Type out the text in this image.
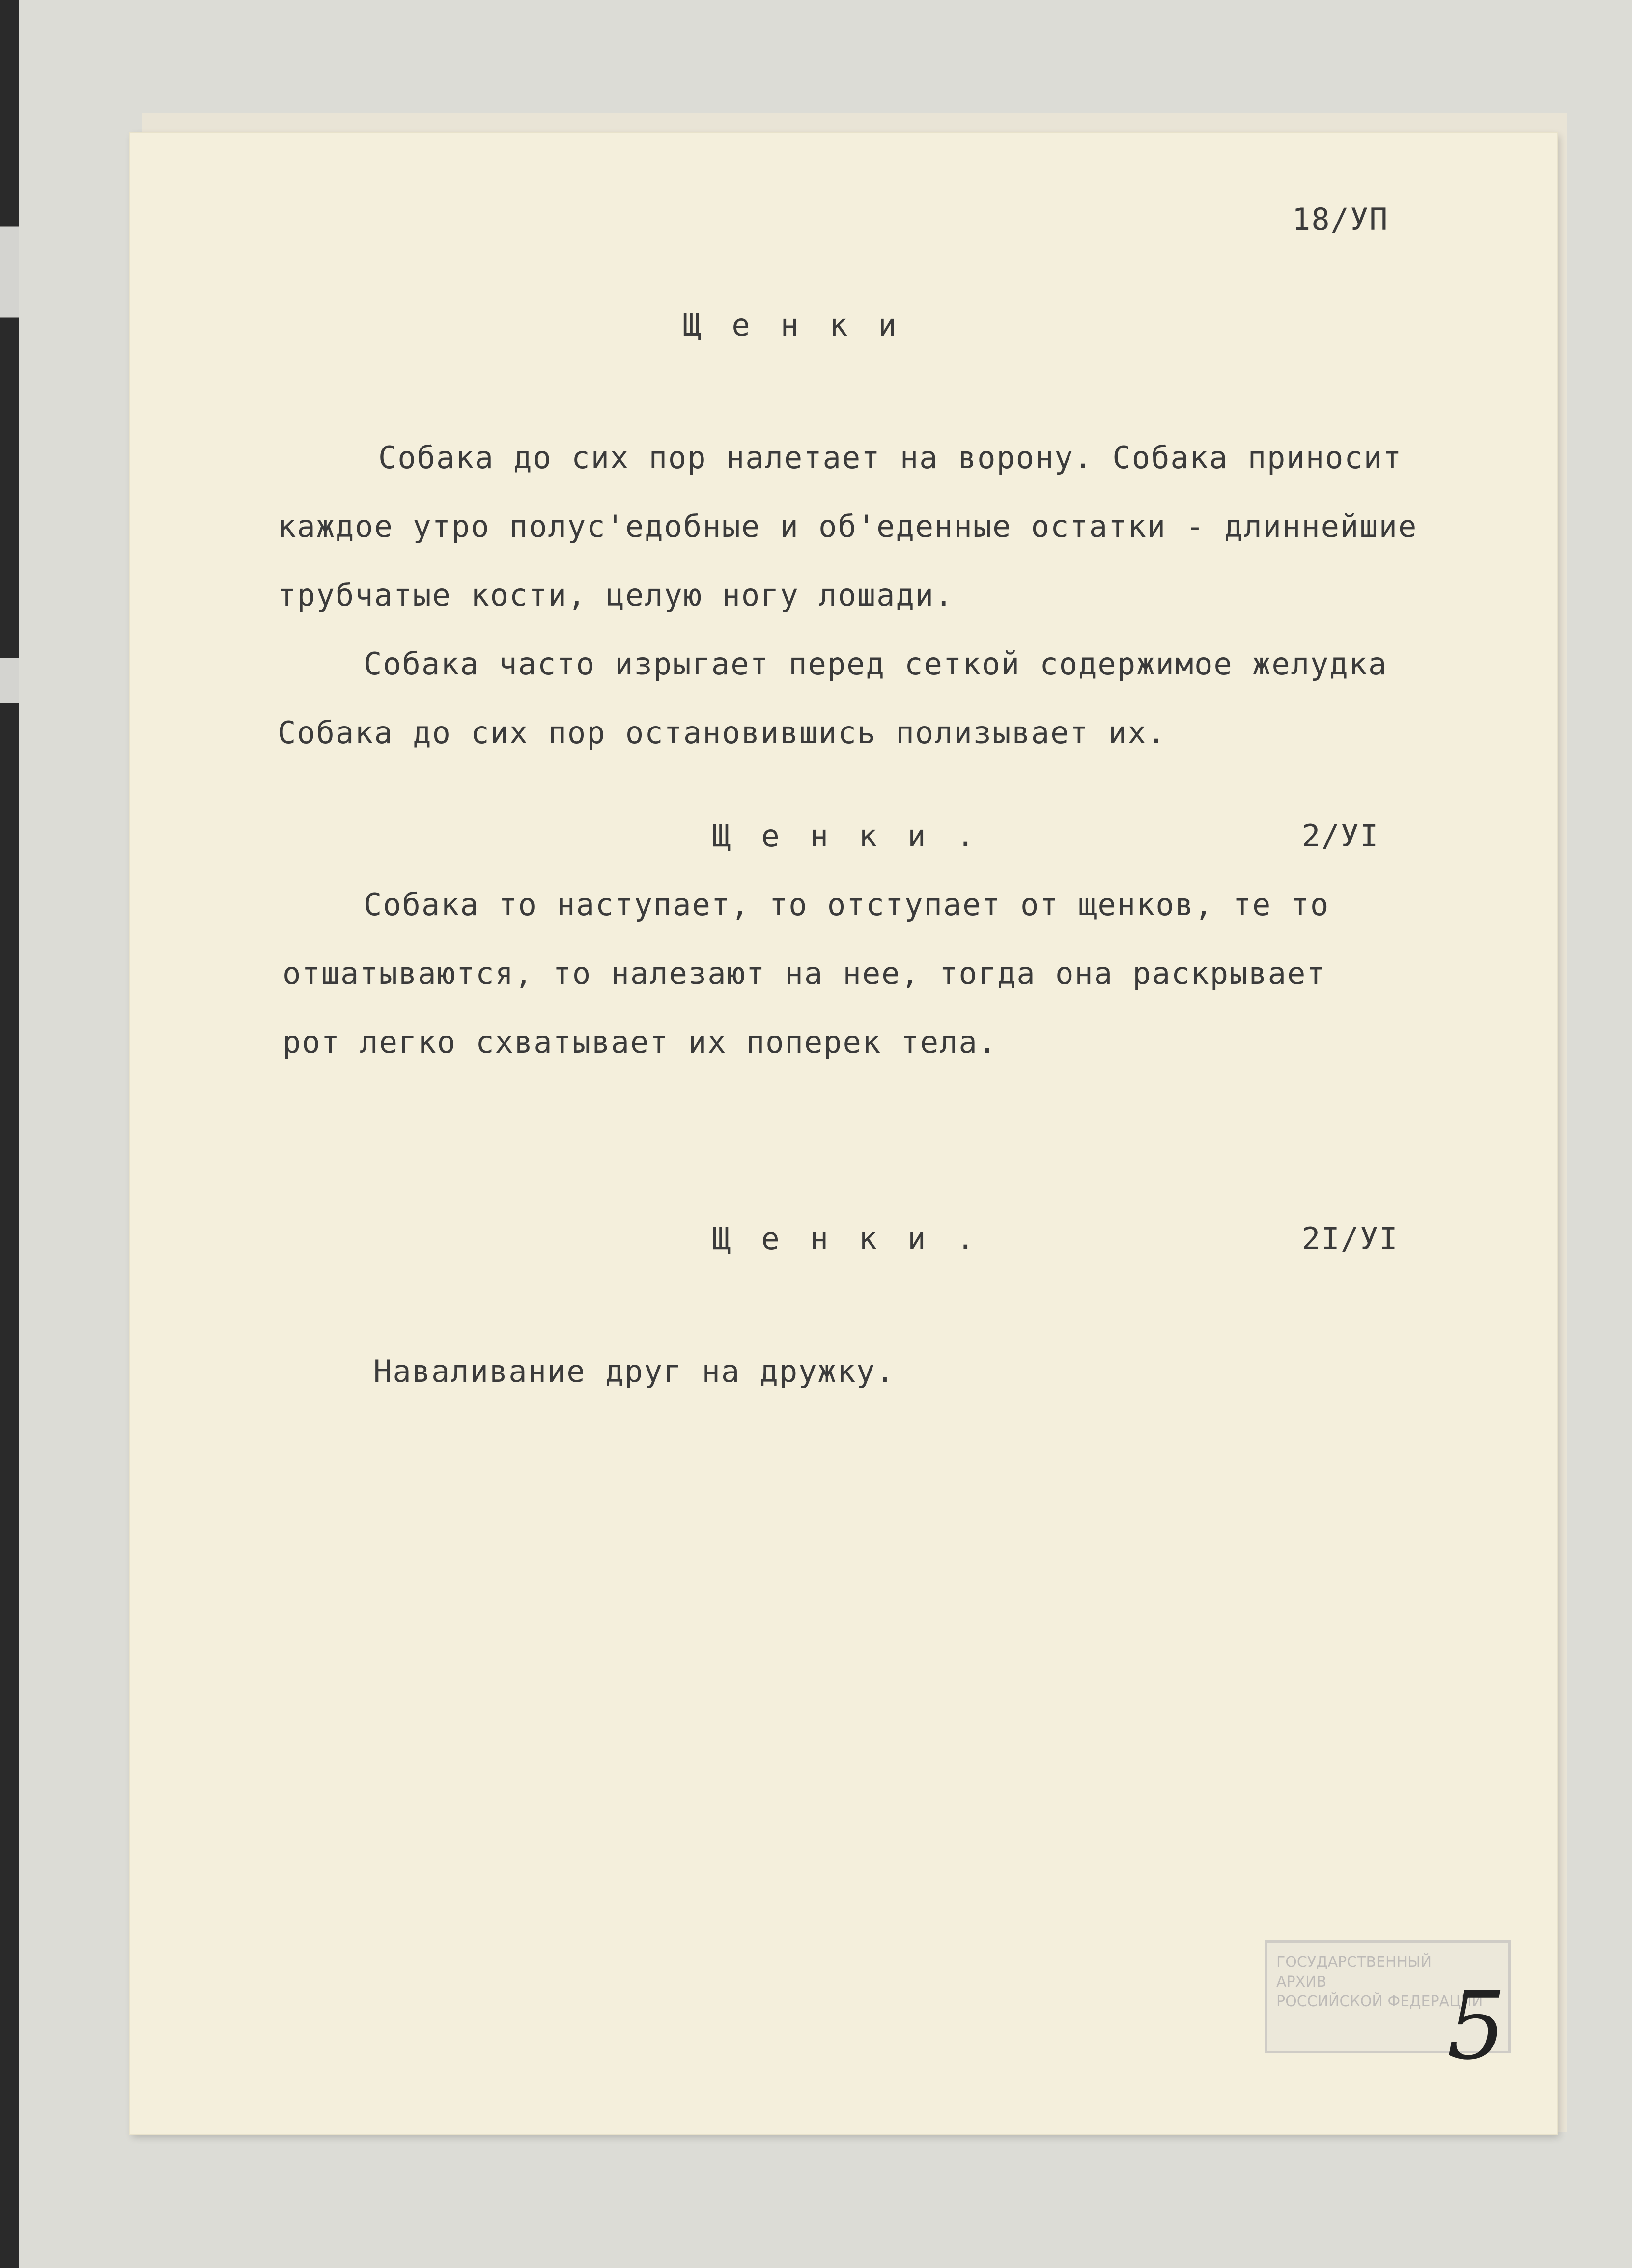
18/УП
Щенки
Собака до сих пор налетает на ворону. Собака приносит
каждое утро полус'едобные и об'еденные остатки - длиннейшие
трубчатые кости, целую ногу лошади.
Собака часто изрыгает перед сеткой содержимое желудка
Собака до сих пор остановившись полизывает их.
Щенки.	2/УI
Собака то наступает, то отступает от щенков, те то
отшатываются, то налезают на нее, тогда она раскрывает
рот легко схватывает их поперек тела.
Щенки.	2I/УI
Наваливание друг на дружку.
ГОСУДАРСТВЕННЫЙ
АРХИВ
РОССИЙСКОЙ ФЕДЕРАЦИИ
5
